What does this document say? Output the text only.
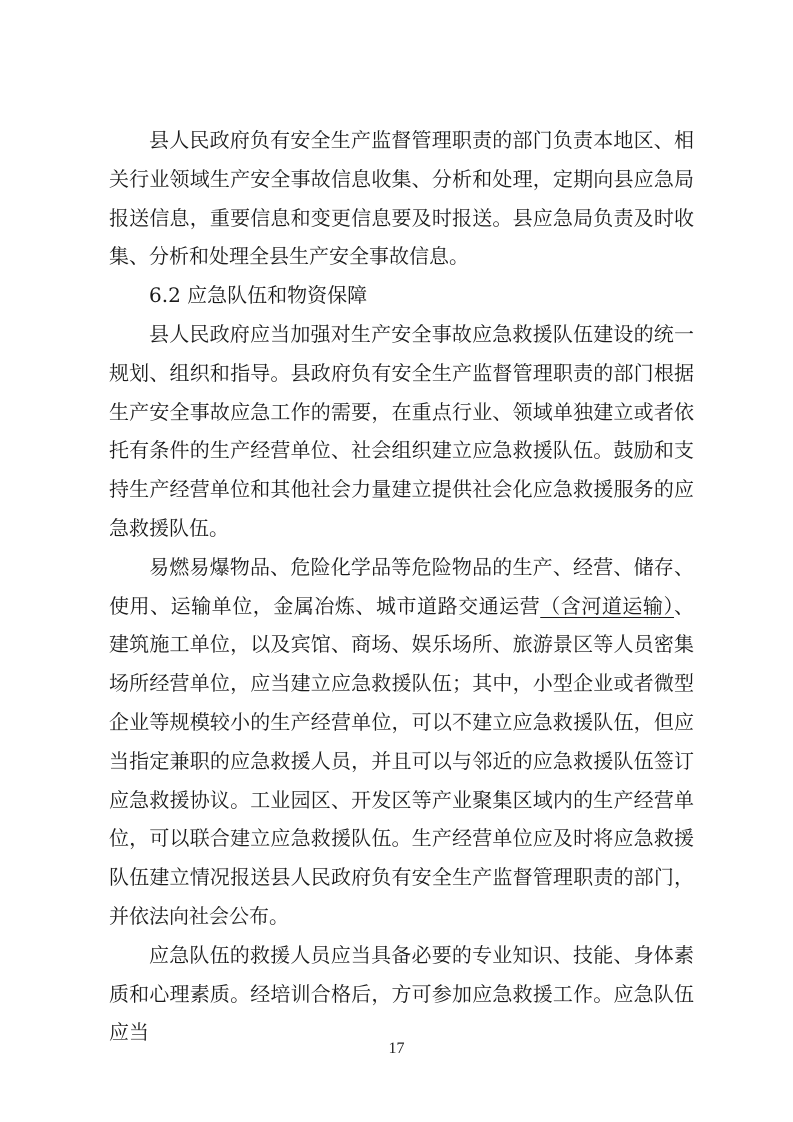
县人民政府负有安全生产监督管理职责的部门负责本地区、相关行业领域生产安全事故信息收集、分析和处理，定期向县应急局报送信息，重要信息和变更信息要及时报送。县应急局负责及时收集、分析和处理全县生产安全事故信息。

6.2 应急队伍和物资保障

县人民政府应当加强对生产安全事故应急救援队伍建设的统一规划、组织和指导。县政府负有安全生产监督管理职责的部门根据生产安全事故应急工作的需要，在重点行业、领域单独建立或者依托有条件的生产经营单位、社会组织建立应急救援队伍。鼓励和支持生产经营单位和其他社会力量建立提供社会化应急救援服务的应急救援队伍。

易燃易爆物品、危险化学品等危险物品的生产、经营、储存、使用、运输单位，金属冶炼、城市道路交通运营（含河道运输）、建筑施工单位，以及宾馆、商场、娱乐场所、旅游景区等人员密集场所经营单位，应当建立应急救援队伍；其中，小型企业或者微型企业等规模较小的生产经营单位，可以不建立应急救援队伍，但应当指定兼职的应急救援人员，并且可以与邻近的应急救援队伍签订应急救援协议。工业园区、开发区等产业聚集区域内的生产经营单位，可以联合建立应急救援队伍。生产经营单位应及时将应急救援队伍建立情况报送县人民政府负有安全生产监督管理职责的部门，并依法向社会公布。

应急队伍的救援人员应当具备必要的专业知识、技能、身体素质和心理素质。经培训合格后，方可参加应急救援工作。应急队伍应当

17
